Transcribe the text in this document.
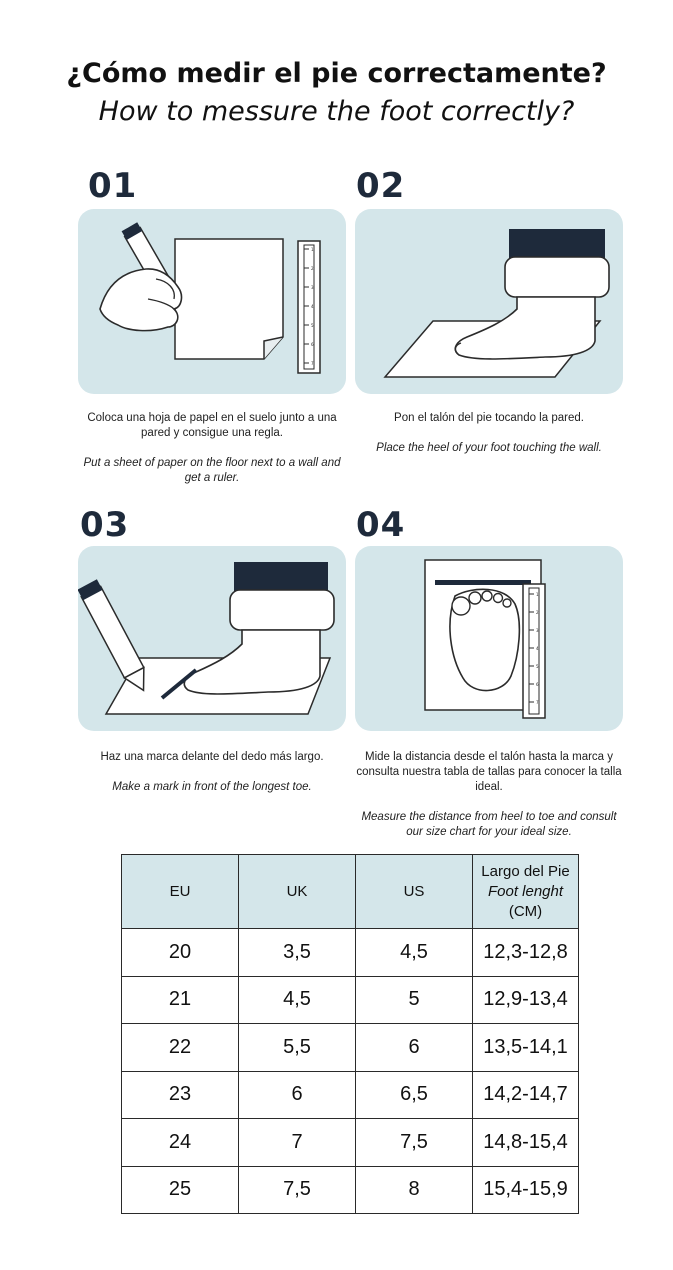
¿Cómo medir el pie correctamente?
How to messure the foot correctly?
01
1
2
3
4
5
6
7
Coloca una hoja de papel en el suelo junto a una pared y consigue una regla.
Put a sheet of paper on the floor next to a wall and get a ruler.
02
Pon el talón del pie tocando la pared.
Place the heel of your foot touching the wall.
03
Haz una marca delante del dedo más largo.
Make a mark in front of the longest toe.
04
1
2
3
4
5
6
7
Mide la distancia desde el talón hasta la marca y consulta nuestra tabla de tallas para conocer la talla ideal.
Measure the distance from heel to toe and consult our size chart for your ideal size.
EU	UK	US	Largo del Pie
Foot lenght
(CM)
20	3,5	4,5	12,3-12,8
21	4,5	5	12,9-13,4
22	5,5	6	13,5-14,1
23	6	6,5	14,2-14,7
24	7	7,5	14,8-15,4
25	7,5	8	15,4-15,9
